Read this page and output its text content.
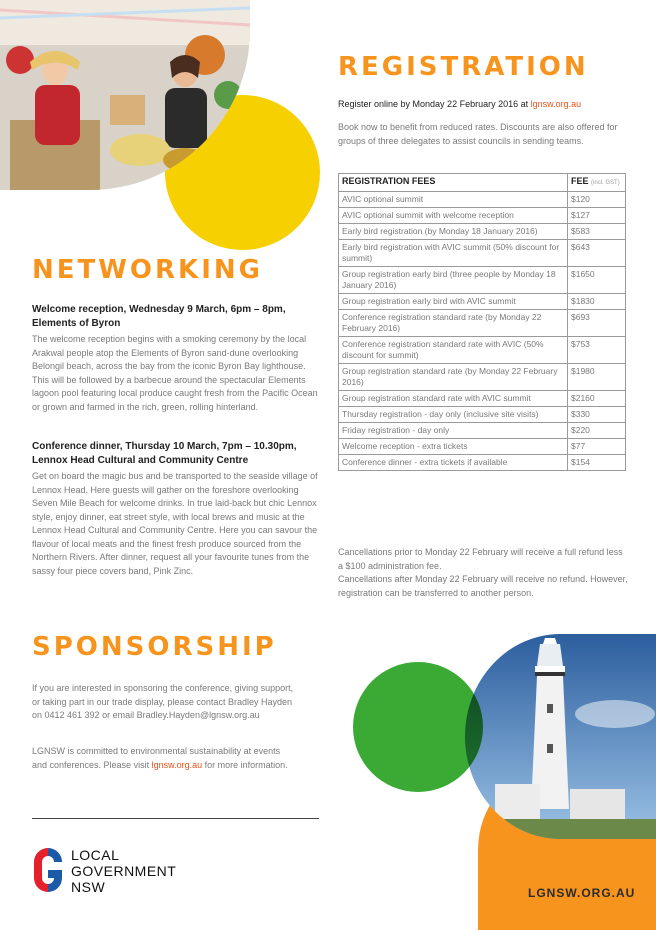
NETWORKING
Welcome reception, Wednesday 9 March, 6pm – 8pm, Elements of Byron
The welcome reception begins with a smoking ceremony by the local Arakwal people atop the Elements of Byron sand-dune overlooking Belongil beach, across the bay from the iconic Byron Bay lighthouse. This will be followed by a barbecue around the spectacular Elements lagoon pool featuring local produce caught fresh from the Pacific Ocean or grown and farmed in the rich, green, rolling hinterland.
Conference dinner, Thursday 10 March, 7pm – 10.30pm, Lennox Head Cultural and Community Centre
Get on board the magic bus and be transported to the seaside village of Lennox Head. Here guests will gather on the foreshore overlooking Seven Mile Beach for welcome drinks. In true laid-back but chic Lennox style, enjoy dinner, eat street style, with local brews and music at the Lennox Head Cultural and Community Centre. Here you can savour the flavour of local meats and the finest fresh produce sourced from the Northern Rivers. After dinner, request all your favourite tunes from the sassy four piece covers band, Pink Zinc.
REGISTRATION
Register online by Monday 22 February 2016 at lgnsw.org.au
Book now to benefit from reduced rates. Discounts are also offered for groups of three delegates to assist councils in sending teams.
REGISTRATION FEES	FEE (incl. GST)
AVIC optional summit	$120
AVIC optional summit with welcome reception	$127
Early bird registration (by Monday 18 January 2016)	$583
Early bird registration with AVIC summit (50% discount for summit)	$643
Group registration early bird (three people by Monday 18 January 2016)	$1650
Group registration early bird with AVIC summit	$1830
Conference registration standard rate (by Monday 22 February 2016)	$693
Conference registration standard rate with AVIC (50% discount for summit)	$753
Group registration standard rate (by Monday 22 February 2016)	$1980
Group registration standard rate with AVIC summit	$2160
Thursday registration - day only (inclusive site visits)	$330
Friday registration - day only	$220
Welcome reception - extra tickets	$77
Conference dinner - extra tickets if available	$154
Cancellations prior to Monday 22 February will receive a full refund less a $100 administration fee.
Cancellations after Monday 22 February will receive no refund. However, registration can be transferred to another person.
SPONSORSHIP
If you are interested in sponsoring the conference, giving support, or taking part in our trade display, please contact Bradley Hayden on 0412 461 392 or email Bradley.Hayden@lgnsw.org.au
LGNSW is committed to environmental sustainability at events and conferences. Please visit lgnsw.org.au for more information.
LOCAL
GOVERNMENT
NSW	LGNSW.ORG.AU
